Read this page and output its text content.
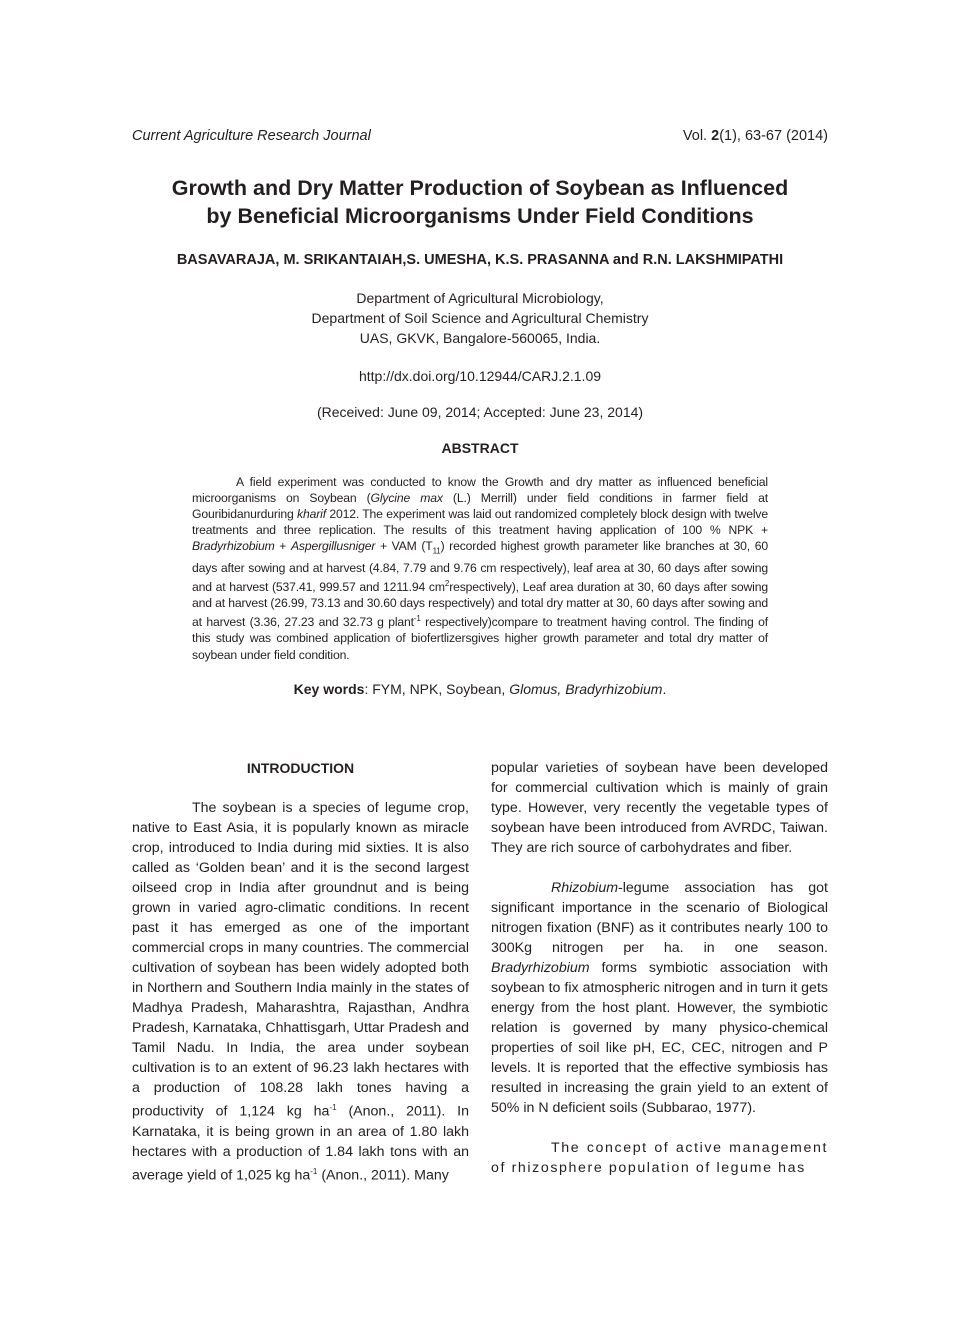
Current Agriculture Research Journal	Vol. 2(1), 63-67 (2014)
Growth and Dry Matter Production of Soybean as Influenced
by Beneficial Microorganisms Under Field Conditions
BASAVARAJA, M. SRIKANTAIAH,S. UMESHA, K.S. PRASANNA and R.N. LAKSHMIPATHI
Department of Agricultural Microbiology,
Department of Soil Science and Agricultural Chemistry
UAS, GKVK, Bangalore-560065, India.
http://dx.doi.org/10.12944/CARJ.2.1.09
(Received: June 09, 2014; Accepted: June 23, 2014)
ABSTRACT
A field experiment was conducted to know the Growth and dry matter as influenced beneficial microorganisms on Soybean (Glycine max (L.) Merrill) under field conditions in farmer field at Gouribidanurduring kharif 2012. The experiment was laid out randomized completely block design with twelve treatments and three replication. The results of this treatment having application of 100 % NPK + Bradyrhizobium + Aspergillusniger + VAM $(T_{11})$ recorded highest growth parameter like branches at 30, 60 days after sowing and at harvest (4.84, 7.79 and 9.76 cm respectively), leaf area at 30, 60 days after sowing and at harvest (537.41, 999.57 and 1211.94 $cm^2respectively$), Leaf area duration at 30, 60 days after sowing and at harvest (26.99, 73.13 and 30.60 days respectively) and total dry matter at 30, 60 days after sowing and at harvest (3.36, 27.23 and 32.73 g plant$^{-1}$ respectively)compare to treatment having control. The finding of this study was combined application of biofertlizersgives higher growth parameter and total dry matter of soybean under field condition.
Key words: FYM, NPK, Soybean, Glomus, Bradyrhizobium.
INTRODUCTION

The soybean is a species of legume crop, native to East Asia, it is popularly known as miracle crop, introduced to India during mid sixties. It is also called as ‘Golden bean’ and it is the second largest oilseed crop in India after groundnut and is being grown in varied agro-climatic conditions. In recent past it has emerged as one of the important commercial crops in many countries. The commercial cultivation of soybean has been widely adopted both in Northern and Southern India mainly in the states of Madhya Pradesh, Maharashtra, Rajasthan, Andhra Pradesh, Karnataka, Chhattisgarh, Uttar Pradesh and Tamil Nadu. In India, the area under soybean cultivation is to an extent of 96.23 lakh hectares with a production of 108.28 lakh tones having a productivity of 1,124 kg $ha^{-1}$ (Anon., 2011). In Karnataka, it is being grown in an area of 1.80 lakh hectares with a production of 1.84 lakh tons with an average yield of 1,025 kg $ha^{-1}$ (Anon., 2011). Many

popular varieties of soybean have been developed for commercial cultivation which is mainly of grain type. However, very recently the vegetable types of soybean have been introduced from AVRDC, Taiwan. They are rich source of carbohydrates and fiber.

Rhizobium-legume association has got significant importance in the scenario of Biological nitrogen fixation (BNF) as it contributes nearly 100 to 300Kg nitrogen per ha. in one season. Bradyrhizobium forms symbiotic association with soybean to fix atmospheric nitrogen and in turn it gets energy from the host plant. However, the symbiotic relation is governed by many physico-chemical properties of soil like pH, EC, CEC, nitrogen and P levels. It is reported that the effective symbiosis has resulted in increasing the grain yield to an extent of 50% in N deficient soils (Subbarao, 1977).

The concept of active management of rhizosphere population of legume has
